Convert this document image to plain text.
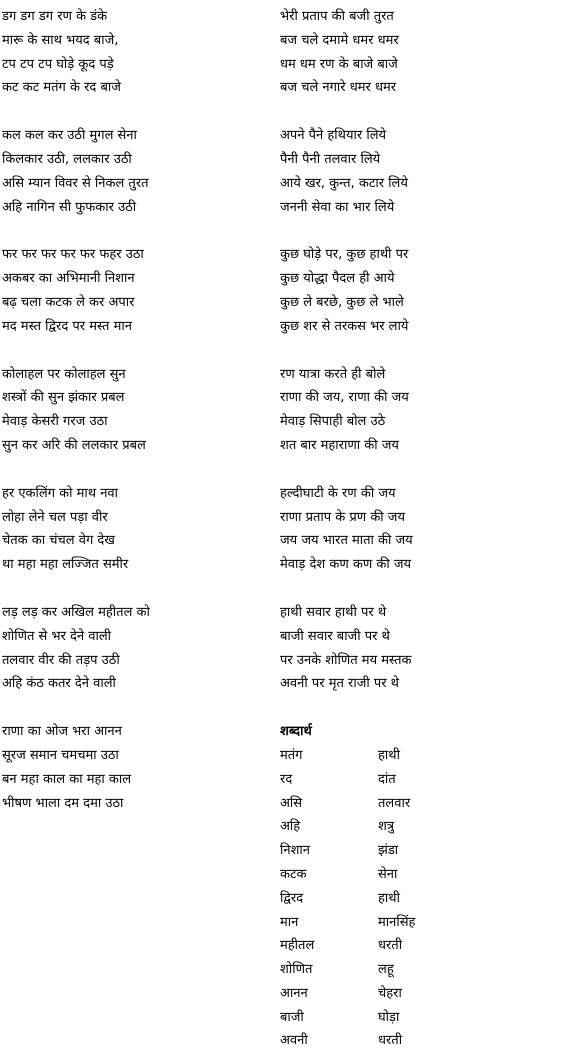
डग डग डग रण के डंके
मारू के साथ भयद बाजे,
टप टप टप घोड़े कूद पड़े
कट कट मतंग के रद बाजे
कल कल कर उठी मुगल सेना
किलकार उठी, ललकार उठी
असि म्यान विवर से निकल तुरत
अहि नागिन सी फुफकार उठी
फर फर फर फर फर फहर उठा
अकबर का अभिमानी निशान
बढ़ चला कटक ले कर अपार
मद मस्त द्विरद पर मस्त मान
कोलाहल पर कोलाहल सुन
शस्त्रों की सुन झंकार प्रबल
मेवाड़ केसरी गरज उठा
सुन कर अरि की ललकार प्रबल
हर एकलिंग को माथ नवा
लोहा लेने चल पड़ा वीर
चेतक का चंचल वेग देख
था महा महा लज्जित समीर
लड़ लड़ कर अखिल महीतल को
शोणित से भर देने वाली
तलवार वीर की तड़प उठी
अहि कंठ कतर देने वाली
राणा का ओज भरा आनन
सूरज समान चमचमा उठा
बन महा काल का महा काल
भीषण भाला दम दमा उठा
भेरी प्रताप की बजी तुरत
बज चले दमामे धमर धमर
धम धम रण के बाजे बाजे
बज चले नगारे धमर धमर
अपने पैने हथियार लिये
पैनी पैनी तलवार लिये
आये खर, कुन्त, कटार लिये
जननी सेवा का भार लिये
कुछ घोड़े पर, कुछ हाथी पर
कुछ योद्धा पैदल ही आये
कुछ ले बरछे, कुछ ले भाले
कुछ शर से तरकस भर लाये
रण यात्रा करते ही बोले
राणा की जय, राणा की जय
मेवाड़ सिपाही बोल उठे
शत बार महाराणा की जय
हल्दीघाटी के रण की जय
राणा प्रताप के प्रण की जय
जय जय भारत माता की जय
मेवाड़ देश कण कण की जय
हाथी सवार हाथी पर थे
बाजी सवार बाजी पर थे
पर उनके शोणित मय मस्तक
अवनी पर मृत राजी पर थे
शब्दार्थ
मतंग	हाथी
रद	दांत
असि	तलवार
अहि	शत्रु
निशान	झंडा
कटक	सेना
द्विरद	हाथी
मान	मानसिंह
महीतल	धरती
शोणित	लहू
आनन	चेहरा
बाजी	घोड़ा
अवनी	धरती
